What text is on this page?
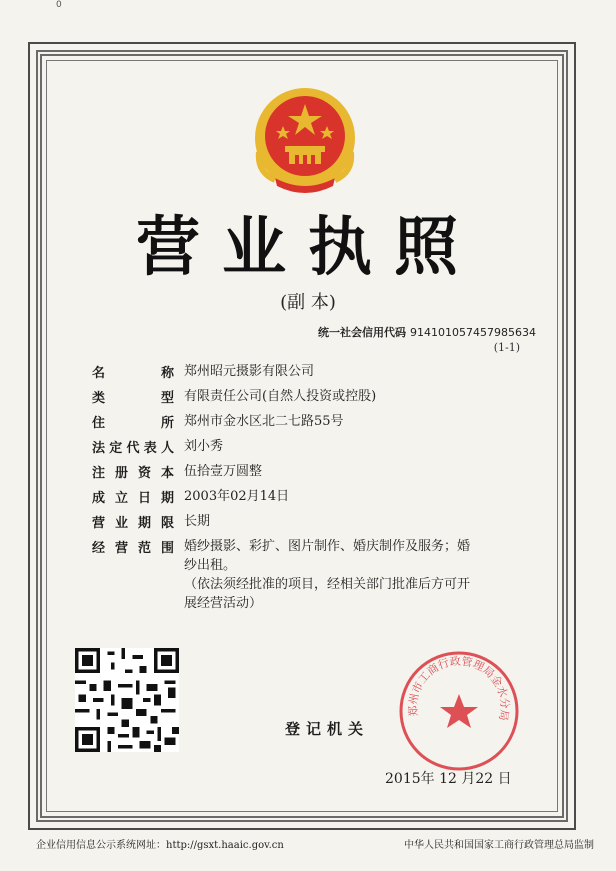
0
营业执照
(副 本)
统一社会信用代码 914101057457985634
(1-1)
名	称 郑州昭元摄影有限公司
类	型 有限责任公司(自然人投资或控股)
住	所 郑州市金水区北二七路55号
法 定 代 表 人 刘小秀
注 册 资 本 伍拾壹万圆整
成 立 日 期 2003年02月14日
营 业 期 限 长期
经 营 范 围 婚纱摄影、彩扩、图片制作、婚庆制作及服务；婚
纱出租。
（依法须经批准的项目，经相关部门批准后方可开
展经营活动）
登记机关
郑州市工商行政管理局金水分局
2015年 12 月22 日
企业信用信息公示系统网址：http://gsxt.haaic.gov.cn	中华人民共和国国家工商行政管理总局监制
